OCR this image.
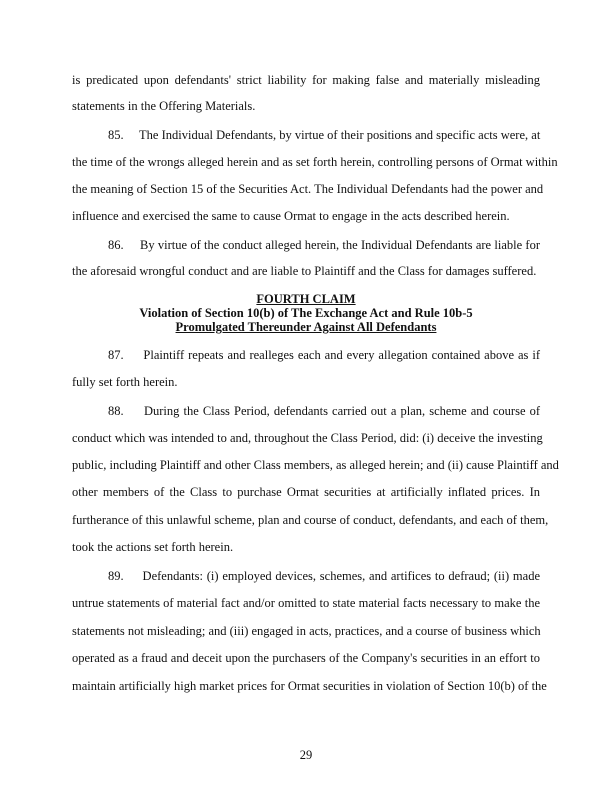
is predicated upon defendants' strict liability for making false and materially misleading
statements in the Offering Materials.
85.     The Individual Defendants, by virtue of their positions and specific acts were, at
the time of the wrongs alleged herein and as set forth herein, controlling persons of Ormat within
the meaning of Section 15 of the Securities Act. The Individual Defendants had the power and
influence and exercised the same to cause Ormat to engage in the acts described herein.
86.     By virtue of the conduct alleged herein, the Individual Defendants are liable for
the aforesaid wrongful conduct and are liable to Plaintiff and the Class for damages suffered.
FOURTH CLAIM
Violation of Section 10(b) of The Exchange Act and Rule 10b-5
Promulgated Thereunder Against All Defendants
87.     Plaintiff repeats and realleges each and every allegation contained above as if
fully set forth herein.
88.     During the Class Period, defendants carried out a plan, scheme and course of
conduct which was intended to and, throughout the Class Period, did: (i) deceive the investing
public, including Plaintiff and other Class members, as alleged herein; and (ii) cause Plaintiff and
other members of the Class to purchase Ormat securities at artificially inflated prices. In
furtherance of this unlawful scheme, plan and course of conduct, defendants, and each of them,
took the actions set forth herein.
89.     Defendants: (i) employed devices, schemes, and artifices to defraud; (ii) made
untrue statements of material fact and/or omitted to state material facts necessary to make the
statements not misleading; and (iii) engaged in acts, practices, and a course of business which
operated as a fraud and deceit upon the purchasers of the Company's securities in an effort to
maintain artificially high market prices for Ormat securities in violation of Section 10(b) of the
29
